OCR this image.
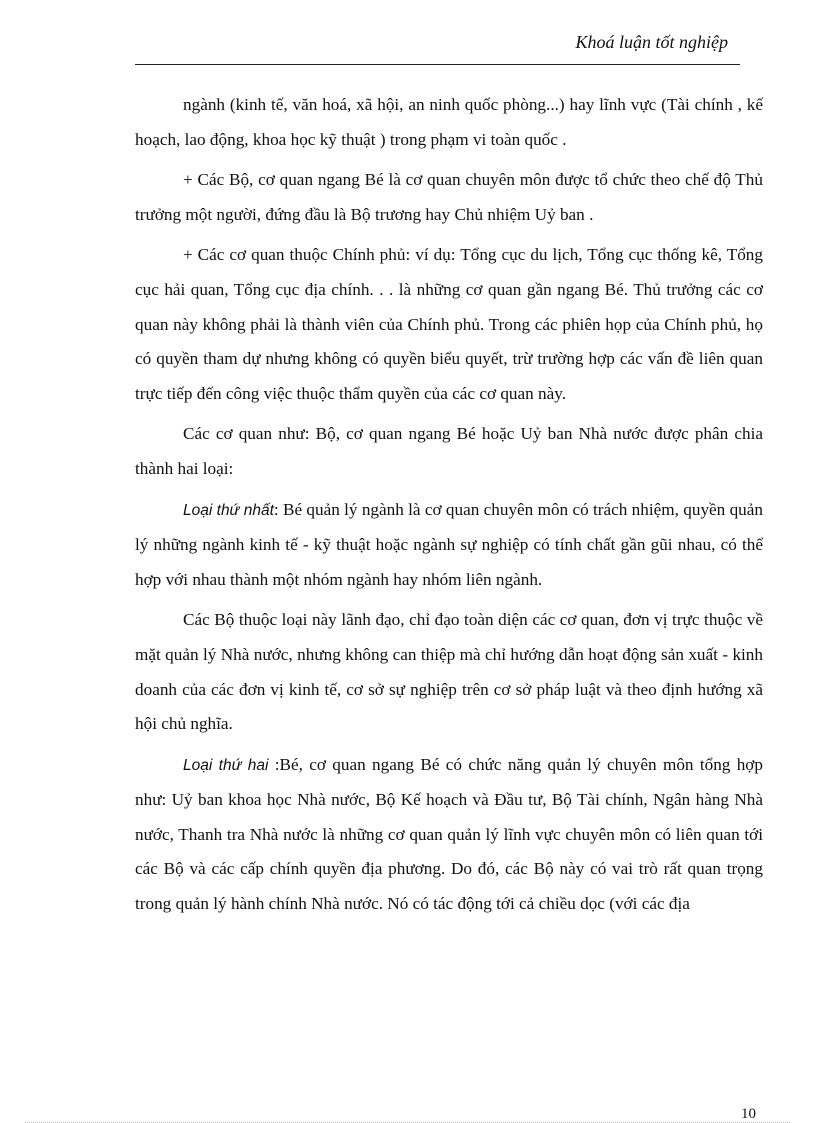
Khoá luận tốt nghiệp

ngành (kinh tế, văn hoá, xã hội, an ninh quốc phòng...) hay lĩnh vực (Tài chính , kế hoạch, lao động, khoa học kỹ thuật ) trong phạm vi toàn quốc .

+ Các Bộ, cơ quan ngang Bé là cơ quan chuyên môn được tổ chức theo chế độ Thủ trưởng một người, đứng đầu là Bộ trương hay Chủ nhiệm Uỷ ban .

+ Các cơ quan thuộc Chính phủ: ví dụ: Tổng cục du lịch, Tổng cục thống kê, Tổng cục hải quan, Tổng cục địa chính. . . là những cơ quan gần ngang Bé. Thủ trưởng các cơ quan này không phải là thành viên của Chính phủ. Trong các phiên họp của Chính phủ, họ có quyền tham dự nhưng không có quyền biểu quyết, trừ trường hợp các vấn đề liên quan trực tiếp đến công việc thuộc thẩm quyền của các cơ quan này.

Các cơ quan như: Bộ, cơ quan ngang Bé hoặc Uỷ ban Nhà nước được phân chia thành hai loại:

Loại thứ nhất: Bé quản lý ngành là cơ quan chuyên môn có trách nhiệm, quyền quản lý những ngành kinh tế - kỹ thuật hoặc ngành sự nghiệp có tính chất gần gũi nhau, có thể hợp với nhau thành một nhóm ngành hay nhóm liên ngành.

Các Bộ thuộc loại này lãnh đạo, chỉ đạo toàn diện các cơ quan, đơn vị trực thuộc về mặt quản lý Nhà nước, nhưng không can thiệp mà chỉ hướng dẫn hoạt động sản xuất - kinh doanh của các đơn vị kinh tế, cơ sở sự nghiệp trên cơ sở pháp luật và theo định hướng xã hội chủ nghĩa.

Loại thứ hai :Bé, cơ quan ngang Bé có chức năng quản lý chuyên môn tổng hợp như: Uỷ ban khoa học Nhà nước, Bộ Kế hoạch và Đầu tư, Bộ Tài chính, Ngân hàng Nhà nước, Thanh tra Nhà nước là những cơ quan quản lý lĩnh vực chuyên môn có liên quan tới các Bộ và các cấp chính quyền địa phương. Do đó, các Bộ này có vai trò rất quan trọng trong quản lý hành chính Nhà nước. Nó có tác động tới cả chiều dọc (với các địa

10
